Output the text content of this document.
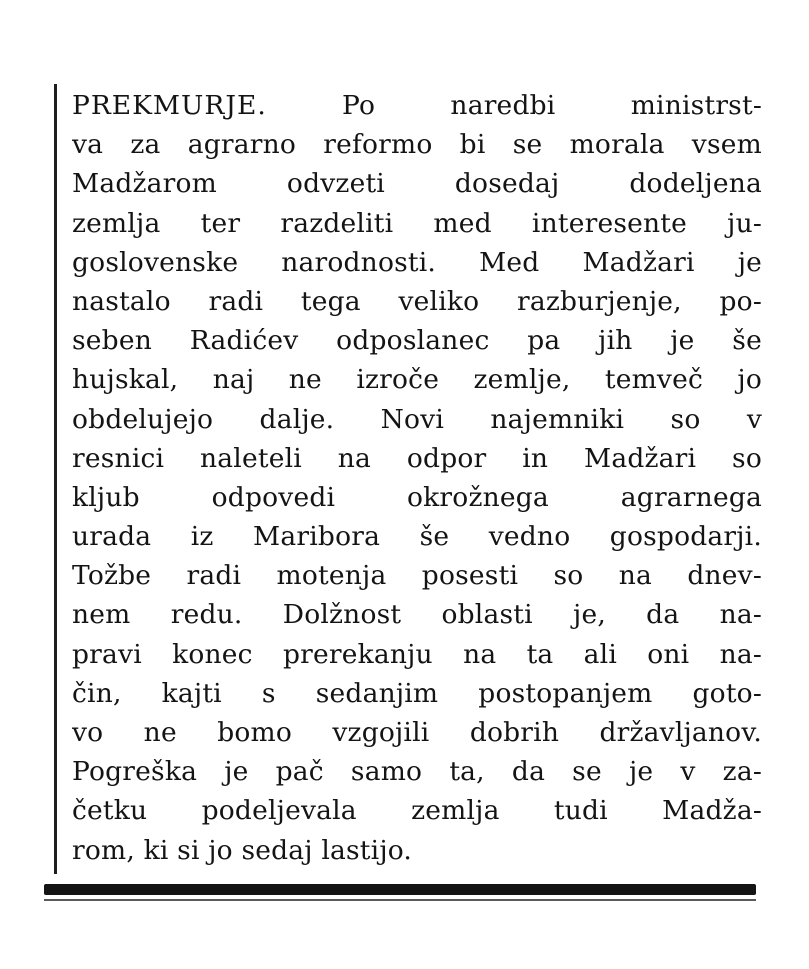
PREKMURJE.	Po naredbi ministrst-
va za agrarno reformo bi se morala vsem
Madžarom odvzeti dosedaj dodeljena
zemlja ter razdeliti med interesente ju-
goslovenske narodnosti. Med Madžari je
nastalo radi tega veliko razburjenje, po-
seben Radićev odposlanec pa jih je še
hujskal, naj ne izroče zemlje, temveč jo
obdelujejo dalje. Novi najemniki so v
resnici naleteli na odpor in Madžari so
kljub odpovedi okrožnega agrarnega
urada iz Maribora še vedno gospodarji.
Tožbe radi motenja posesti so na dnev-
nem redu. Dolžnost oblasti je, da na-
pravi konec prerekanju na ta ali oni na-
čin, kajti s sedanjim postopanjem goto-
vo ne bomo vzgojili dobrih državljanov.
Pogreška je pač samo ta, da se je v za-
četku podeljevala zemlja tudi Madža-
rom, ki si jo sedaj lastijo.
